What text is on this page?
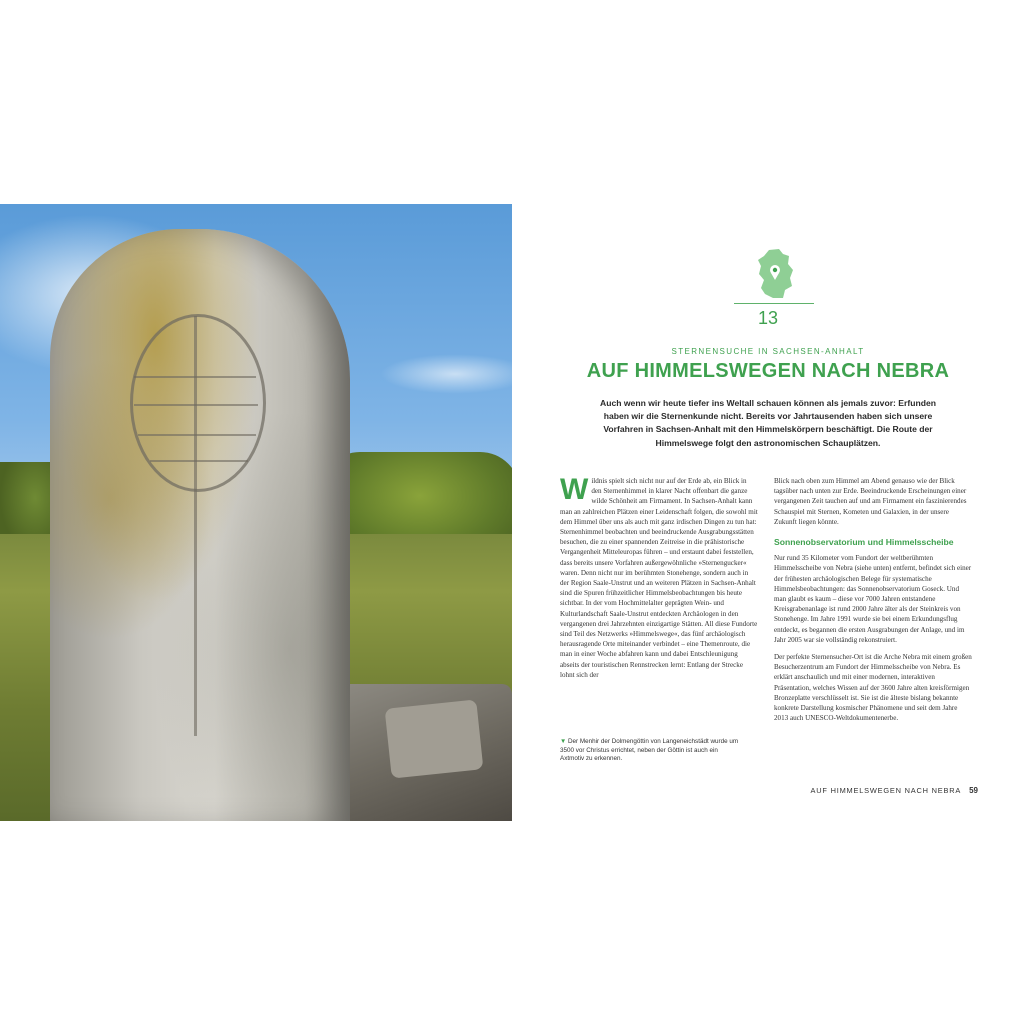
13
STERNENSUCHE IN SACHSEN-ANHALT
AUF HIMMELSWEGEN NACH NEBRA
Auch wenn wir heute tiefer ins Weltall schauen können als jemals zuvor: Erfunden haben wir die Sternenkunde nicht. Bereits vor Jahrtausenden haben sich unsere Vorfahren in Sachsen-Anhalt mit den Himmelskörpern beschäftigt. Die Route der Himmelswege folgt den astronomischen Schauplätzen.

Wildnis spielt sich nicht nur auf der Erde ab, ein Blick in den Sternenhimmel in klarer Nacht offenbart die ganze wilde Schönheit am Firmament. In Sachsen-Anhalt kann man an zahlreichen Plätzen einer Leidenschaft folgen, die sowohl mit dem Himmel über uns als auch mit ganz irdischen Dingen zu tun hat: Sternenhimmel beobachten und beeindruckende Ausgrabungsstätten besuchen, die zu einer spannenden Zeitreise in die prähistorische Vergangenheit Mitteleuropas führen – und erstaunt dabei feststellen, dass bereits unsere Vorfahren außergewöhnliche »Sternengucker« waren. Denn nicht nur im berühmten Stonehenge, sondern auch in der Region Saale-Unstrut und an weiteren Plätzen in Sachsen-Anhalt sind die Spuren frühzeitlicher Himmelsbeobachtungen bis heute sichtbar. In der vom Hochmittelalter geprägten Wein- und Kulturlandschaft Saale-Unstrut entdeckten Archäologen in den vergangenen drei Jahrzehnten einzigartige Stätten. All diese Fundorte sind Teil des Netzwerks »Himmelswege«, das fünf archäologisch herausragende Orte miteinander verbindet – eine Themenroute, die man in einer Woche abfahren kann und dabei Entschleunigung abseits der touristischen Rennstrecken lernt: Entlang der Strecke lohnt sich der

Blick nach oben zum Himmel am Abend genauso wie der Blick tagsüber nach unten zur Erde. Beeindruckende Erscheinungen einer vergangenen Zeit tauchen auf und am Firmament ein faszinierendes Schauspiel mit Sternen, Kometen und Galaxien, in der unsere Zukunft liegen könnte.

Sonnenobservatorium und Himmelsscheibe

Nur rund 35 Kilometer vom Fundort der weltberühmten Himmelsscheibe von Nebra (siehe unten) entfernt, befindet sich einer der frühesten archäologischen Belege für systematische Himmelsbeobachtungen: das Sonnenobservatorium Goseck. Und man glaubt es kaum – diese vor 7000 Jahren entstandene Kreisgrabenanlage ist rund 2000 Jahre älter als der Steinkreis von Stonehenge. Im Jahre 1991 wurde sie bei einem Erkundungsflug entdeckt, es begannen die ersten Ausgrabungen der Anlage, und im Jahr 2005 war sie vollständig rekonstruiert.

Der perfekte Sternensucher-Ort ist die Arche Nebra mit einem großen Besucherzentrum am Fundort der Himmelsscheibe von Nebra. Es erklärt anschaulich und mit einer modernen, interaktiven Präsentation, welches Wissen auf der 3600 Jahre alten kreisförmigen Bronzeplatte verschlüsselt ist. Sie ist die älteste bislang bekannte konkrete Darstellung kosmischer Phänomene und seit dem Jahre 2013 auch UNESCO-Weltdokumentenerbe.

▼ Der Menhir der Dolmengöttin von Langeneichstädt wurde um 3500 vor Christus errichtet, neben der Göttin ist auch ein Axtmotiv zu erkennen.
AUF HIMMELSWEGEN NACH NEBRA 59
